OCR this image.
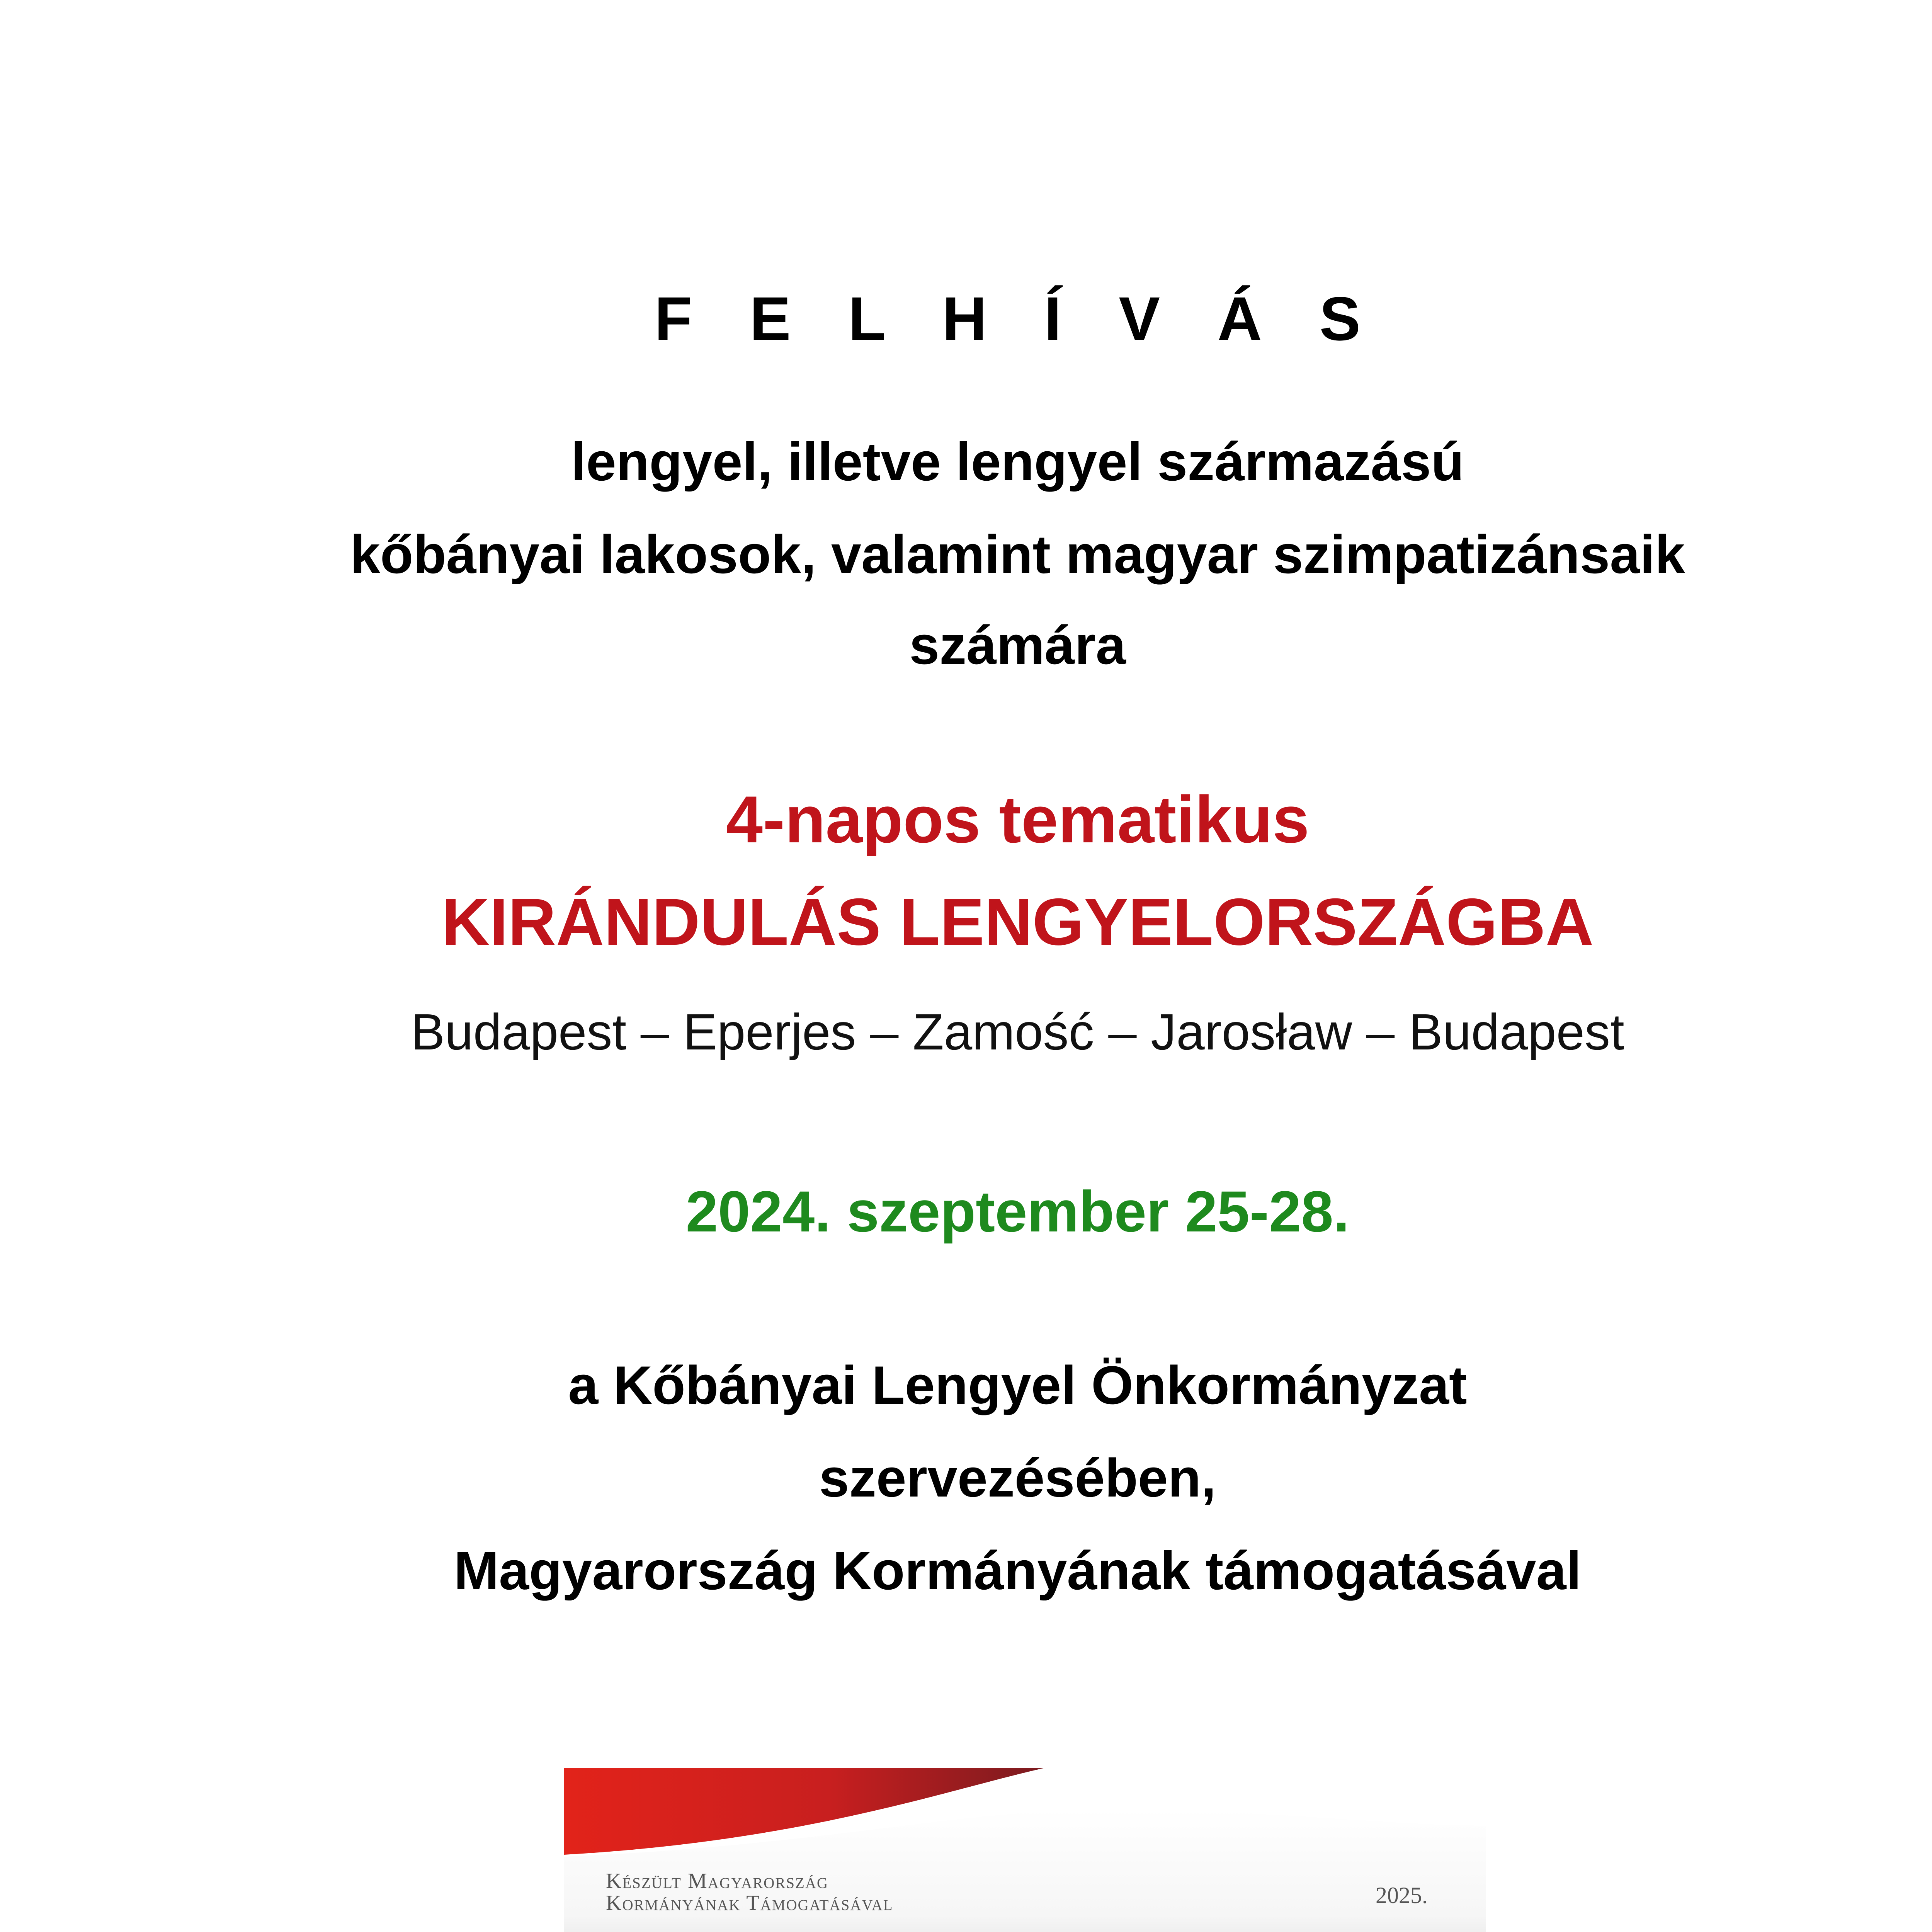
F E L H Í V Á S
lengyel, illetve lengyel származású
kőbányai lakosok, valamint magyar szimpatizánsaik
számára
4-napos tematikus
KIRÁNDULÁS LENGYELORSZÁGBA
Budapest – Eperjes – Zamość – Jarosław – Budapest
2024. szeptember 25-28.
a Kőbányai Lengyel Önkormányzat
szervezésében,
Magyarország Kormányának támogatásával
Készült Magyarország
Kormányának Támogatásával	2025.
